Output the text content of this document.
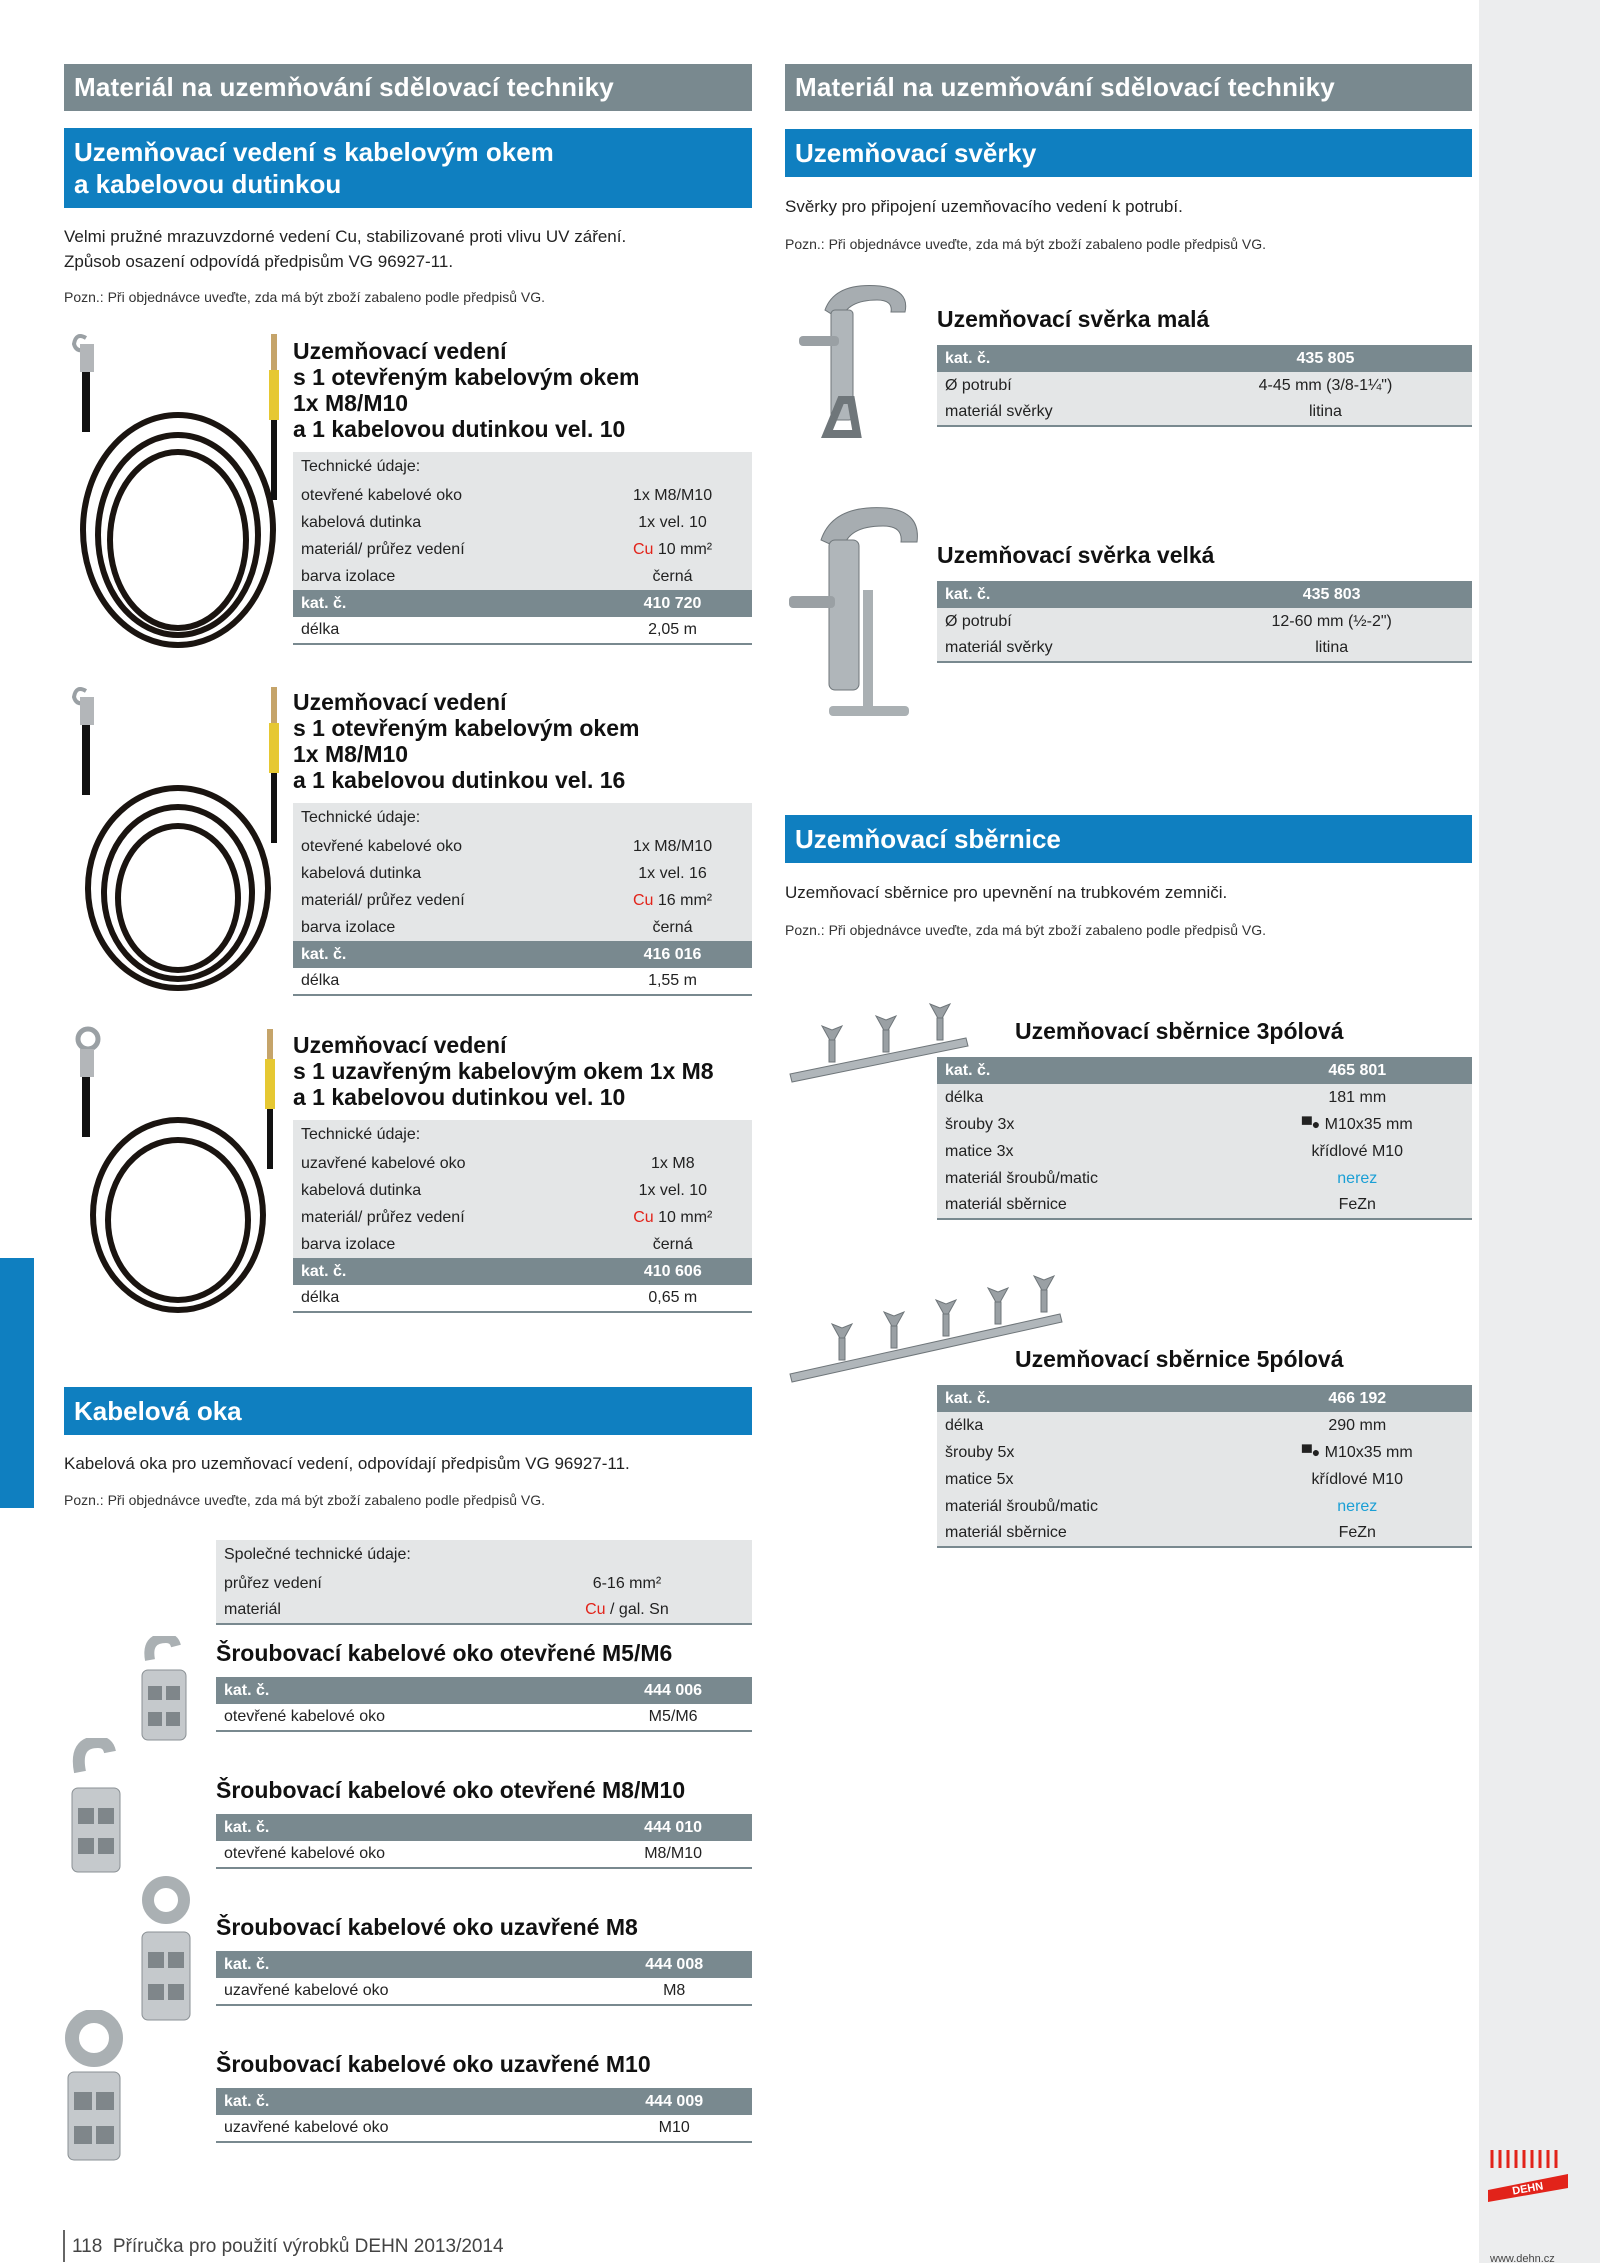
Materiál na uzemňování sdělovací techniky
Uzemňovací vedení s kabelovým okem
a kabelovou dutinkou
Velmi pružné mrazuvzdorné vedení Cu, stabilizované proti vlivu UV záření.
Způsob osazení odpovídá předpisům VG 96927-11.
Pozn.: Při objednávce uveďte, zda má být zboží zabaleno podle předpisů VG.
Uzemňovací vedení
s 1 otevřeným kabelovým okem
1x M8/M10
a 1 kabelovou dutinkou vel. 10
Technické údaje:	
otevřené kabelové oko	1x M8/M10
kabelová dutinka	1x vel. 10
materiál/ průřez vedení	Cu 10 mm²
barva izolace	černá
kat. č.	410 720
délka	2,05 m
Uzemňovací vedení
s 1 otevřeným kabelovým okem
1x M8/M10
a 1 kabelovou dutinkou vel. 16
Technické údaje:	
otevřené kabelové oko	1x M8/M10
kabelová dutinka	1x vel. 16
materiál/ průřez vedení	Cu 16 mm²
barva izolace	černá
kat. č.	416 016
délka	1,55 m
Uzemňovací vedení
s 1 uzavřeným kabelovým okem 1x M8
a 1 kabelovou dutinkou vel. 10
Technické údaje:	
uzavřené kabelové oko	1x M8
kabelová dutinka	1x vel. 10
materiál/ průřez vedení	Cu 10 mm²
barva izolace	černá
kat. č.	410 606
délka	0,65 m
Kabelová oka
Kabelová oka pro uzemňovací vedení, odpovídají předpisům VG 96927-11.
Pozn.: Při objednávce uveďte, zda má být zboží zabaleno podle předpisů VG.
Společné technické údaje:	
průřez vedení	6-16 mm²
materiál	Cu / gal. Sn
Šroubovací kabelové oko otevřené M5/M6
kat. č.	444 006
otevřené kabelové oko	M5/M6
Šroubovací kabelové oko otevřené M8/M10
kat. č.	444 010
otevřené kabelové oko	M8/M10
Šroubovací kabelové oko uzavřené M8
kat. č.	444 008
uzavřené kabelové oko	M8
Šroubovací kabelové oko uzavřené M10
kat. č.	444 009
uzavřené kabelové oko	M10
Materiál na uzemňování sdělovací techniky
Uzemňovací svěrky
Svěrky pro připojení uzemňovacího vedení k potrubí.
Pozn.: Při objednávce uveďte, zda má být zboží zabaleno podle předpisů VG.
Uzemňovací svěrka malá
kat. č.	435 805
Ø potrubí	4-45 mm (3/8-1¼")
materiál svěrky	litina
Uzemňovací svěrka velká
kat. č.	435 803
Ø potrubí	12-60 mm (½-2")
materiál svěrky	litina
Uzemňovací sběrnice
Uzemňovací sběrnice pro upevnění na trubkovém zemniči.
Pozn.: Při objednávce uveďte, zda má být zboží zabaleno podle předpisů VG.
Uzemňovací sběrnice 3pólová
kat. č.	465 801
délka	181 mm
šrouby 3x	▀● M10x35 mm
matice 3x	křídlové M10
materiál šroubů/matic	nerez
materiál sběrnice	FeZn
Uzemňovací sběrnice 5pólová
kat. č.	466 192
délka	290 mm
šrouby 5x	▀● M10x35 mm
matice 5x	křídlové M10
materiál šroubů/matic	nerez
materiál sběrnice	FeZn
118 Příručka pro použití výrobků DEHN 2013/2014
DEHN
www.dehn.cz
